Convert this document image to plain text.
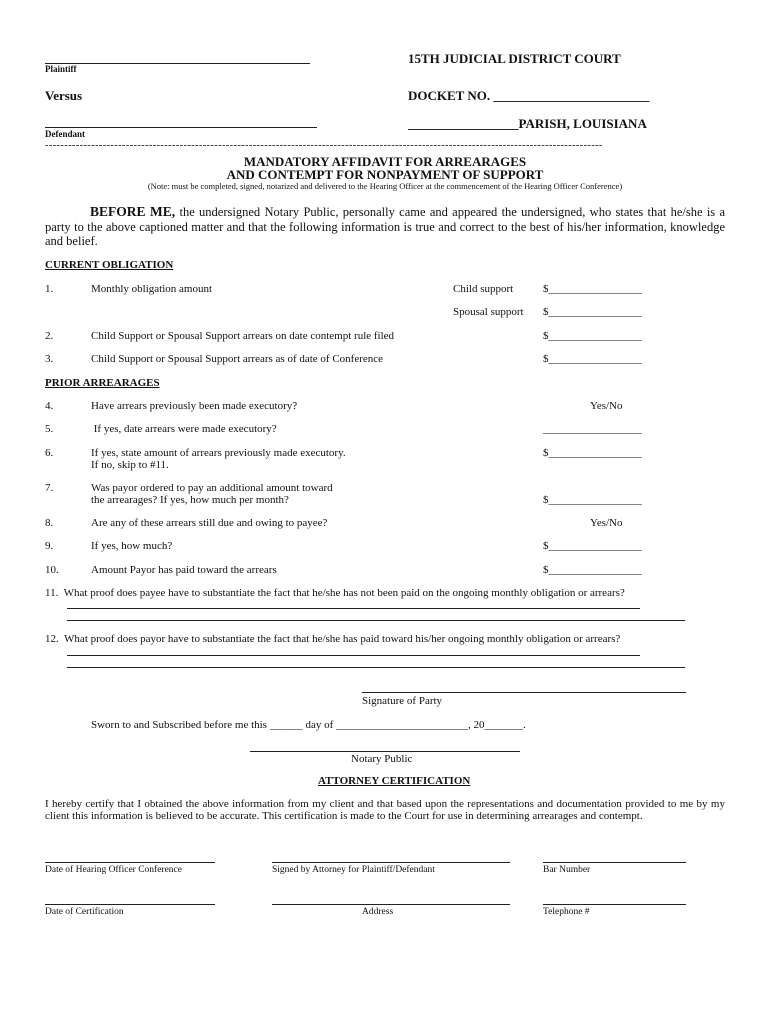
Plaintiff
15TH JUDICIAL DISTRICT COURT
Versus	DOCKET NO. ________________________
Defendant
_________________PARISH, LOUISIANA
-------------------------------------------------------------------------------------------------------------------------------------------------
MANDATORY AFFIDAVIT FOR ARREARAGES
AND CONTEMPT FOR NONPAYMENT OF SUPPORT
(Note: must be completed, signed, notarized and delivered to the Hearing Officer at the commencement of the Hearing Officer Conference)
BEFORE ME, the undersigned Notary Public, personally came and appeared the undersigned, who states that he/she is a party to the above captioned matter and that the following information is true and correct to the best of his/her information, knowledge and belief.
CURRENT OBLIGATION
1.	Monthly obligation amount	Child support	$_________________
Spousal support $_________________
2.	Child Support or Spousal Support arrears on date contempt rule filed	$_________________
3.	Child Support or Spousal Support arrears as of date of Conference	$_________________
PRIOR ARREARAGES
4.	Have arrears previously been made executory?	Yes/No
5.	If yes, date arrears were made executory?	__________________
6.	If yes, state amount of arrears previously made executory.
If no, skip to #11.
$_________________
7.	Was payor ordered to pay an additional amount toward
the arrearages? If yes, how much per month?	$_________________
8.	Are any of these arrears still due and owing to payee?	Yes/No
9.	If yes, how much?	$_________________
10.	Amount Payor has paid toward the arrears	$_________________
11.  What proof does payee have to substantiate the fact that he/she has not been paid on the ongoing monthly obligation or arrears?
12.  What proof does payor have to substantiate the fact that he/she has paid toward his/her ongoing monthly obligation or arrears?
Signature of Party
Sworn to and Subscribed before me this ______ day of ________________________, 20_______.
Notary Public
ATTORNEY CERTIFICATION
I hereby certify that I obtained the above information from my client and that based upon the representations and documentation provided to me by my client this information is believed to be accurate. This certification is made to the Court for use in determining arrearages and contempt.
Date of Hearing Officer Conference	Signed by Attorney for Plaintiff/Defendant	Bar Number
Date of Certification	Address	Telephone #
